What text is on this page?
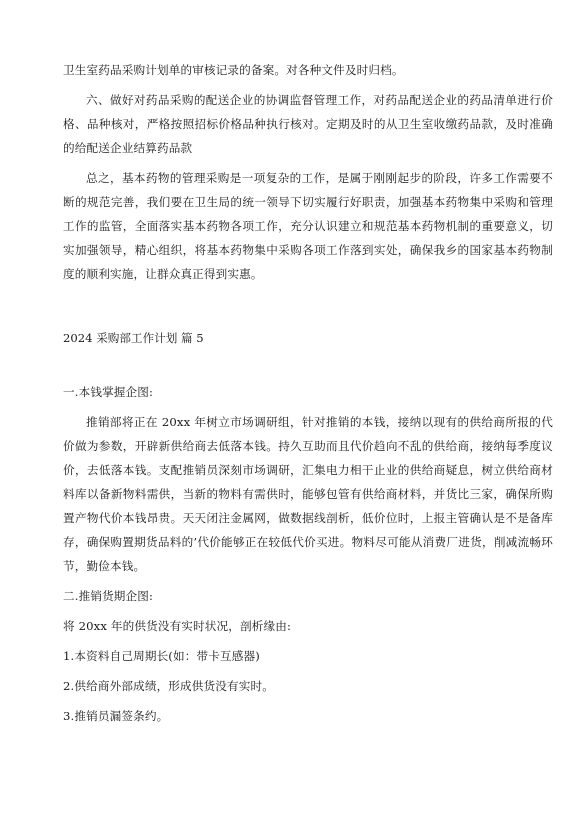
卫生室药品采购计划单的审核记录的备案。对各种文件及时归档。

六、做好对药品采购的配送企业的协调监督管理工作，对药品配送企业的药品清单进行价格、品种核对，严格按照招标价格品种执行核对。定期及时的从卫生室收缴药品款，及时准确的给配送企业结算药品款

总之，基本药物的管理采购是一项复杂的工作，是属于刚刚起步的阶段，许多工作需要不断的规范完善，我们要在卫生局的统一领导下切实履行好职责，加强基本药物集中采购和管理工作的监管，全面落实基本药物各项工作，充分认识建立和规范基本药物机制的重要意义，切实加强领导，精心组织，将基本药物集中采购各项工作落到实处，确保我乡的国家基本药物制度的顺利实施，让群众真正得到实惠。

2024 采购部工作计划 篇 5

一.本钱掌握企图:

推销部将正在 20xx 年树立市场调研组，针对推销的本钱，接纳以现有的供给商所报的代价做为参数，开辟新供给商去低落本钱。持久互助而且代价趋向不乱的供给商，接纳每季度议价，去低落本钱。支配推销员深刻市场调研，汇集电力相干止业的供给商疑息，树立供给商材料库以备新物料需供，当新的物料有需供时，能够包管有供给商材料，并货比三家，确保所购置产物代价本钱昂贵。天天闭注金属网，做数据线剖析，低价位时，上报主管确认是不是备库存，确保购置期货品料的’代价能够正在较低代价买进。物料尽可能从消费厂进货，削减流畅环节，勤俭本钱。

二.推销货期企图:

将 20xx 年的供货没有实时状况，剖析缘由:

1.本资料自己周期长(如：带卡互感器)

2.供给商外部成绩，形成供货没有实时。

3.推销员漏签条约。
